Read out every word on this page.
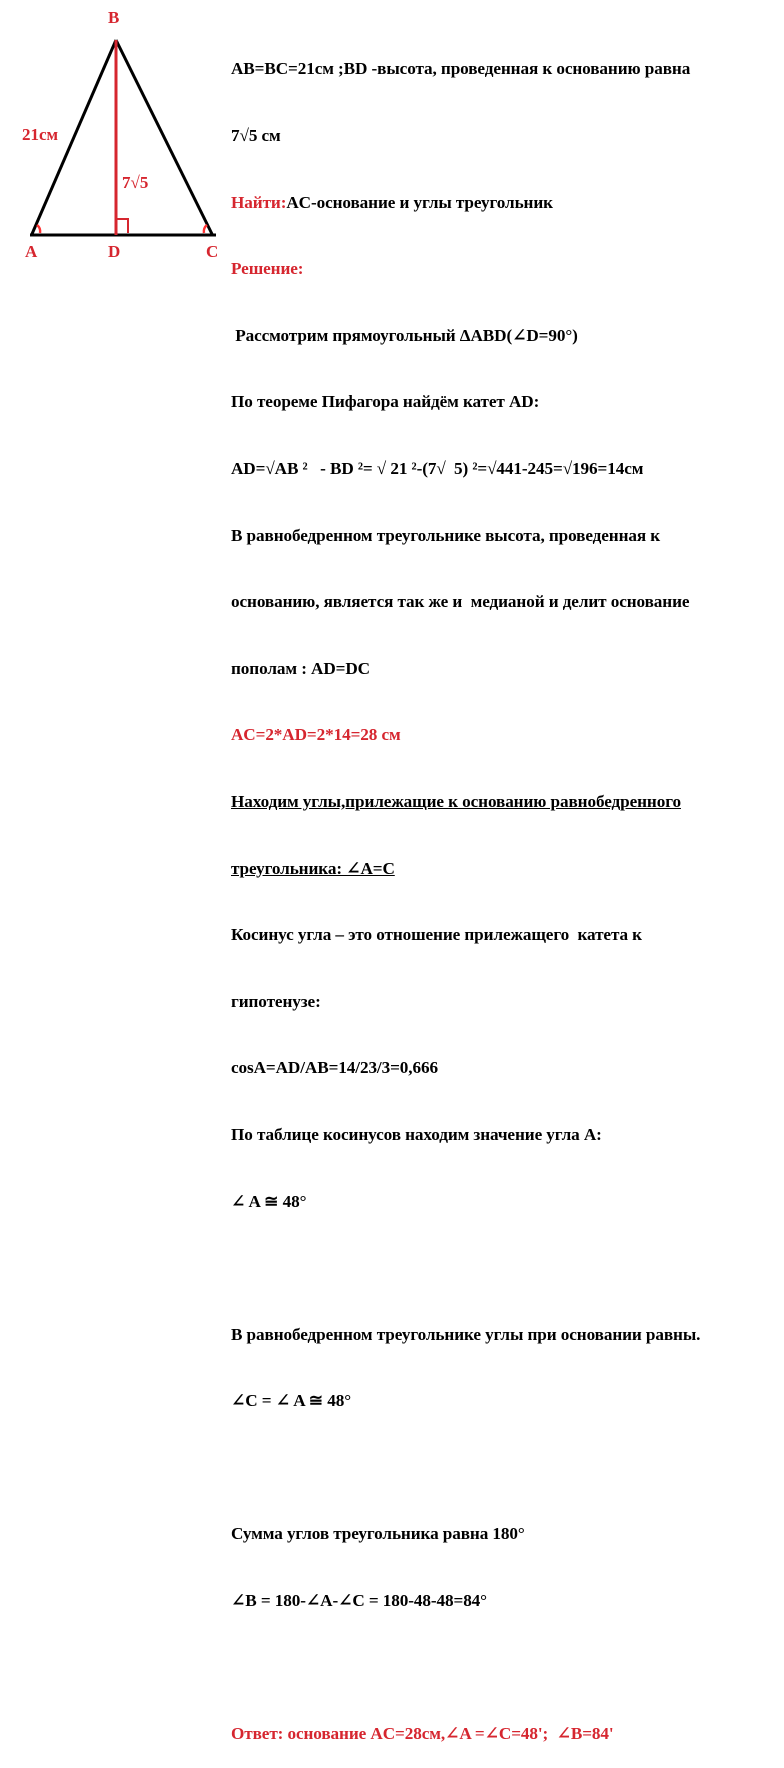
B
A	D	C
21см
7√5

AB=BC=21см ;BD -высота, проведенная к основанию равна

7√5 см

Найти:AC-основание и углы треугольник

Решение:

Рассмотрим прямоугольный ΔABD(∠D=90°)

По теореме Пифагора найдём катет AD:

AD=√AB ²   - BD ²= √ 21 ²-(7√  5) ²=√441-245=√196=14см

В равнобедренном треугольнике высота, проведенная к

основанию, является так же и  медианой и делит основание

пополам : AD=DC

AC=2*AD=2*14=28 см

Находим углы,прилежащие к основанию равнобедренного

треугольника: ∠A=C

Косинус угла – это отношение прилежащего  катета к

гипотенузе:

cosA=AD/AB=14/23/3=0,666

По таблице косинусов находим значение угла A:

∠ A ≅ 48°

В равнобедренном треугольнике углы при основании равны.

∠C = ∠ A ≅ 48°

Сумма углов треугольника равна 180°

∠B = 180-∠A-∠C = 180-48-48=84°

Ответ: основание AC=28см,∠A =∠C=48';  ∠B=84'
